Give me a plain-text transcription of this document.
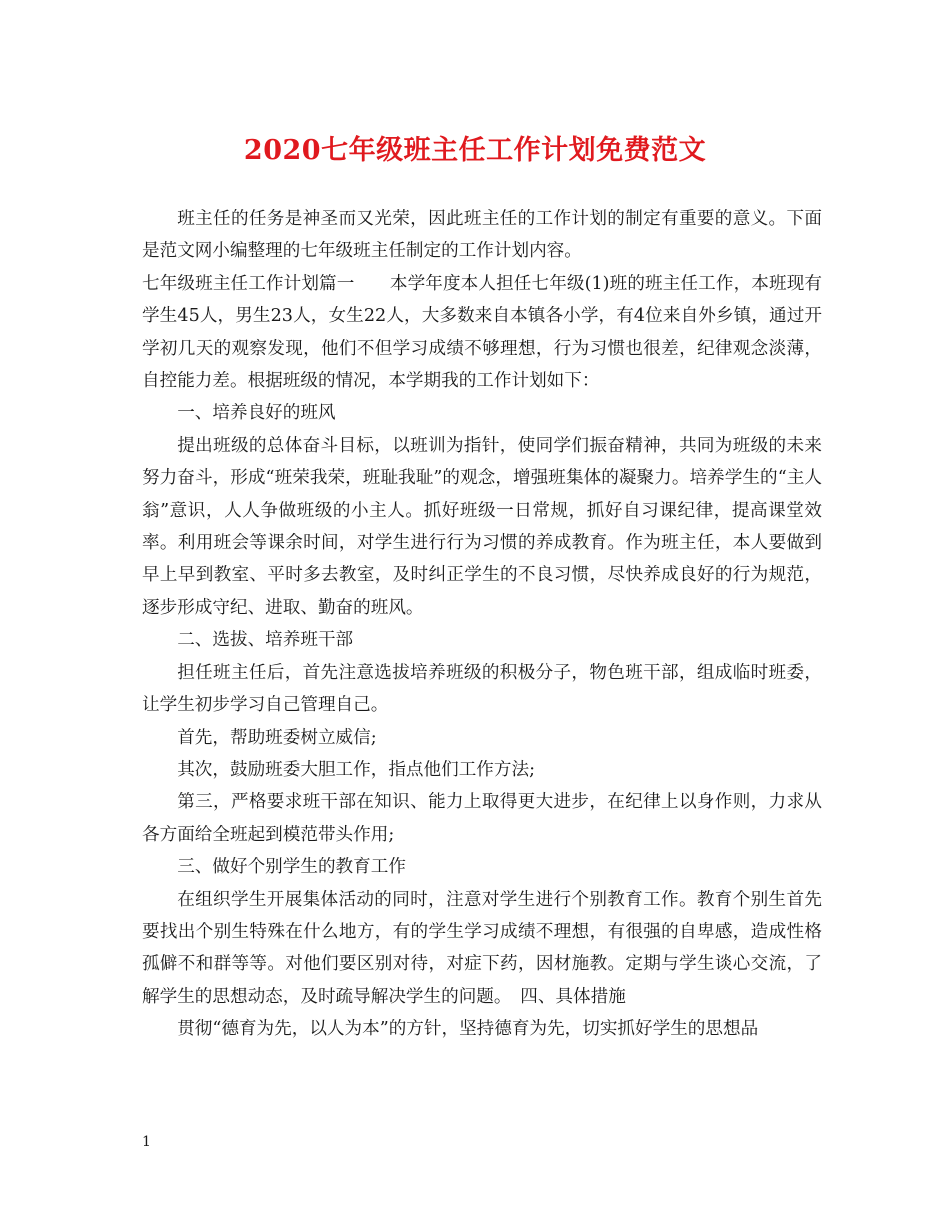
2020七年级班主任工作计划免费范文

班主任的任务是神圣而又光荣，因此班主任的工作计划的制定有重要的意义。下面是范文网小编整理的七年级班主任制定的工作计划内容。

七年级班主任工作计划篇一　　本学年度本人担任七年级(1)班的班主任工作，本班现有学生45人，男生23人，女生22人，大多数来自本镇各小学，有4位来自外乡镇，通过开学初几天的观察发现，他们不但学习成绩不够理想，行为习惯也很差，纪律观念淡薄，自控能力差。根据班级的情况，本学期我的工作计划如下：

一、培养良好的班风

提出班级的总体奋斗目标，以班训为指针，使同学们振奋精神，共同为班级的未来努力奋斗，形成“班荣我荣，班耻我耻”的观念，增强班集体的凝聚力。培养学生的“主人翁”意识，人人争做班级的小主人。抓好班级一日常规，抓好自习课纪律，提高课堂效率。利用班会等课余时间，对学生进行行为习惯的养成教育。作为班主任，本人要做到早上早到教室、平时多去教室，及时纠正学生的不良习惯，尽快养成良好的行为规范，逐步形成守纪、进取、勤奋的班风。

二、选拔、培养班干部

担任班主任后，首先注意选拔培养班级的积极分子，物色班干部，组成临时班委，让学生初步学习自己管理自己。

首先，帮助班委树立威信;

其次，鼓励班委大胆工作，指点他们工作方法;

第三，严格要求班干部在知识、能力上取得更大进步，在纪律上以身作则，力求从各方面给全班起到模范带头作用;

三、做好个别学生的教育工作

在组织学生开展集体活动的同时，注意对学生进行个别教育工作。教育个别生首先要找出个别生特殊在什么地方，有的学生学习成绩不理想，有很强的自卑感，造成性格孤僻不和群等等。对他们要区别对待，对症下药，因材施教。定期与学生谈心交流，了解学生的思想动态，及时疏导解决学生的问题。　四、具体措施

贯彻“德育为先，以人为本”的方针，坚持德育为先，切实抓好学生的思想品

1
